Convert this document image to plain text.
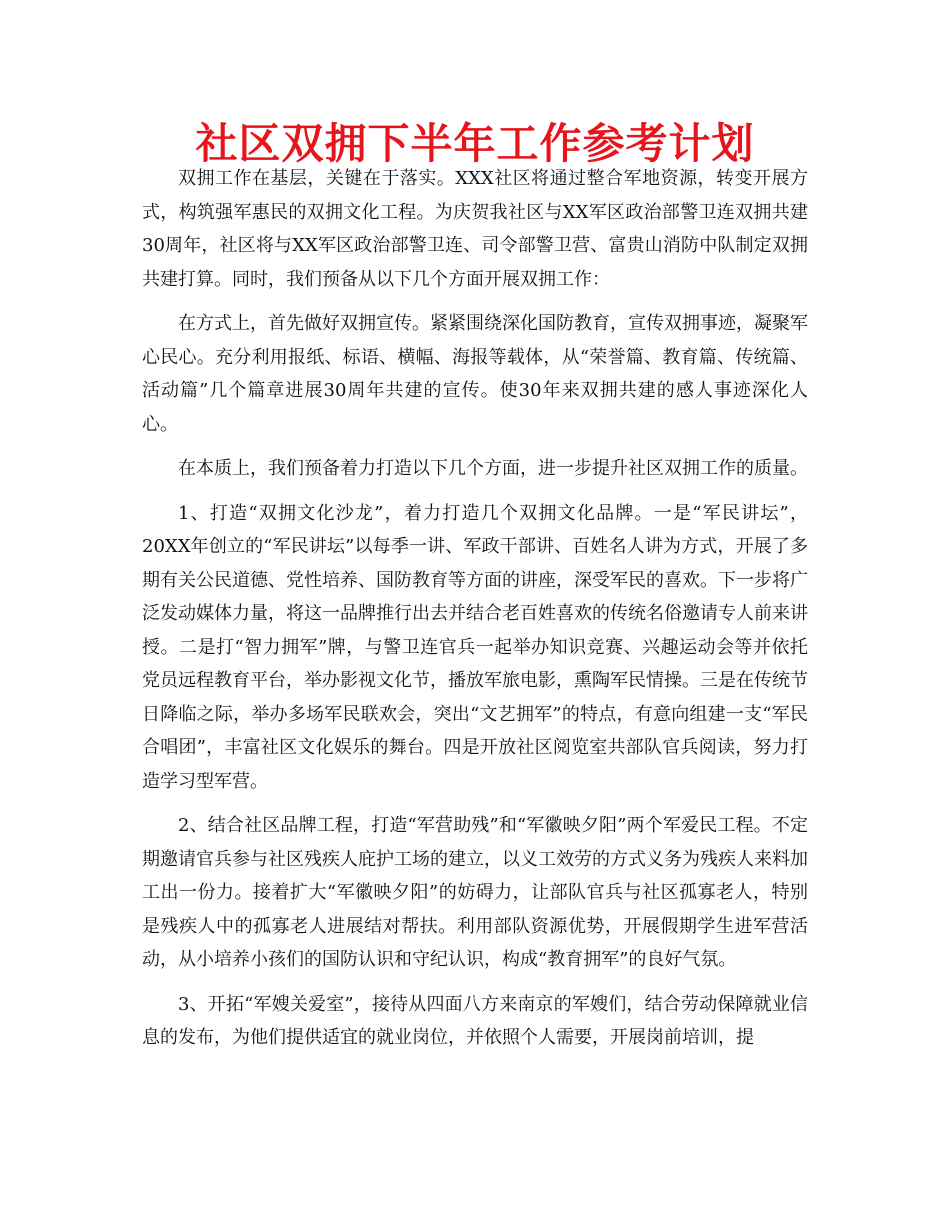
社区双拥下半年工作参考计划

双拥工作在基层，关键在于落实。XXX社区将通过整合军地资源，转变开展方式，构筑强军惠民的双拥文化工程。为庆贺我社区与XX军区政治部警卫连双拥共建30周年，社区将与XX军区政治部警卫连、司令部警卫营、富贵山消防中队制定双拥共建打算。同时，我们预备从以下几个方面开展双拥工作：

在方式上，首先做好双拥宣传。紧紧围绕深化国防教育，宣传双拥事迹，凝聚军心民心。充分利用报纸、标语、横幅、海报等载体，从“荣誉篇、教育篇、传统篇、活动篇”几个篇章进展30周年共建的宣传。使30年来双拥共建的感人事迹深化人心。

在本质上，我们预备着力打造以下几个方面，进一步提升社区双拥工作的质量。

1、打造“双拥文化沙龙”，着力打造几个双拥文化品牌。一是“军民讲坛”，20XX年创立的“军民讲坛”以每季一讲、军政干部讲、百姓名人讲为方式，开展了多期有关公民道德、党性培养、国防教育等方面的讲座，深受军民的喜欢。下一步将广泛发动媒体力量，将这一品牌推行出去并结合老百姓喜欢的传统名俗邀请专人前来讲授。二是打“智力拥军”牌，与警卫连官兵一起举办知识竞赛、兴趣运动会等并依托党员远程教育平台，举办影视文化节，播放军旅电影，熏陶军民情操。三是在传统节日降临之际，举办多场军民联欢会，突出“文艺拥军”的特点，有意向组建一支“军民合唱团”，丰富社区文化娱乐的舞台。四是开放社区阅览室共部队官兵阅读，努力打造学习型军营。

2、结合社区品牌工程，打造“军营助残”和“军徽映夕阳”两个军爱民工程。不定期邀请官兵参与社区残疾人庇护工场的建立，以义工效劳的方式义务为残疾人来料加工出一份力。接着扩大“军徽映夕阳”的妨碍力，让部队官兵与社区孤寡老人，特别是残疾人中的孤寡老人进展结对帮扶。利用部队资源优势，开展假期学生进军营活动，从小培养小孩们的国防认识和守纪认识，构成“教育拥军”的良好气氛。

3、开拓“军嫂关爱室”，接待从四面八方来南京的军嫂们，结合劳动保障就业信息的发布，为他们提供适宜的就业岗位，并依照个人需要，开展岗前培训，提
